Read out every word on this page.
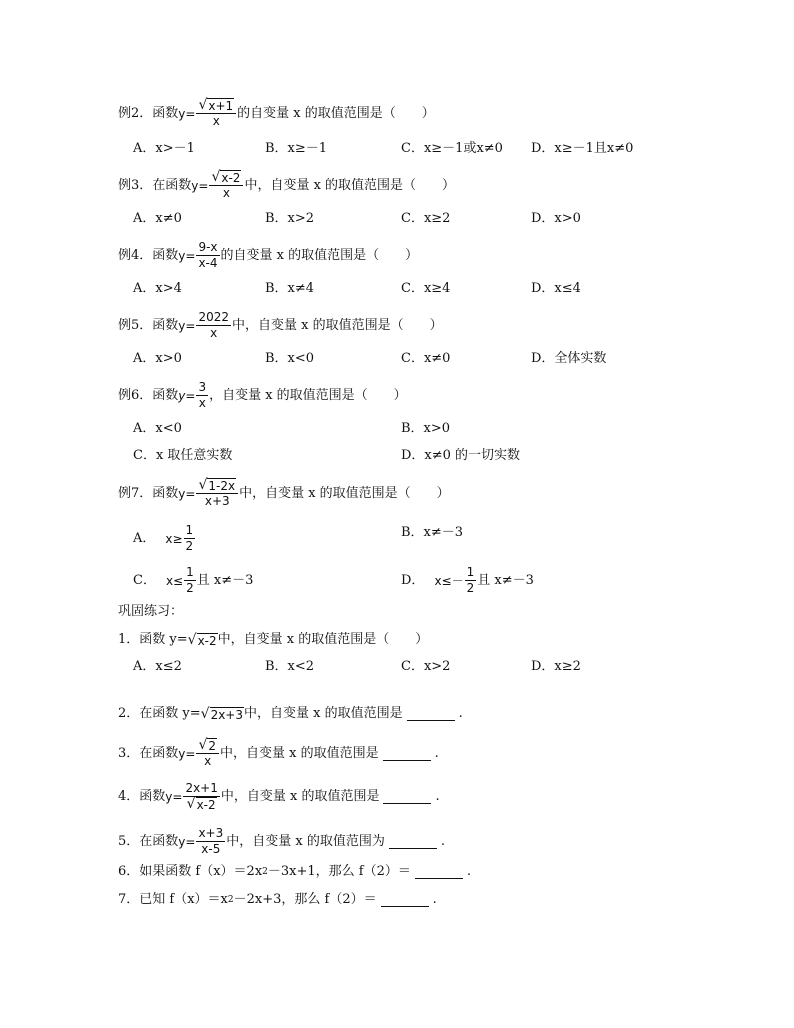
例2．函数 $y= \frac{√ x+1}{x}$ 的自变量 x 的取值范围是（　　）
A．x>－1	B．x≥－1	C．x≥－1或x≠0 D．x≥－1且x≠0
例3．在函数 $y= \frac{√ x-2}{x}$ 中，自变量 x 的取值范围是（　　）
A．x≠0	B．x>2	C．x≥2	D．x>0
例4．函数 $y= \frac{9-x}{x-4}$ 的自变量 x 的取值范围是（　　）
A．x>4	B．x≠4	C．x≥4	D．x≤4
例5．函数 $y= \frac{2022}{x}$ 中，自变量 x 的取值范围是（　　）
A．x>0	B．x<0	C．x≠0	D．全体实数
例6．函数 $y= \frac{3}{x}$ ，自变量 x 的取值范围是（　　）
A．x<0	B．x>0
C．x 取任意实数	D．x≠0 的一切实数
例7．函数 $y= \frac{√ 1-2x}{x+3}$ 中，自变量 x 的取值范围是（　　）
A． $x\ge \frac{1}{2}$	B．x≠－3
C． $x\le \frac{1}{2}$ 且 x≠－3	D． $x\le- \frac{1}{2}$ 且 x≠－3
巩固练习：
1．函数 y= √ x-2 中，自变量 x 的取值范围是（　　）
A．x≤2	B．x<2	C．x>2	D．x≥2
2．在函数 y= √ 2x+3 中，自变量 x 的取值范围是	.
3．在函数 $y= \frac{√ 2}{x}$ 中，自变量 x 的取值范围是	.
4．函数 $y= \frac{2x+1}{√ x-2}$ 中，自变量 x 的取值范围是	.
5．在函数 $y= \frac{x+3}{x-5}$ 中，自变量 x 的取值范围为	.
6．如果函数 f（x）＝2x 2 －3x+1，那么 f（2）＝	.
7．已知 f（x）＝x 2 －2x+3，那么 f（2）＝	.
